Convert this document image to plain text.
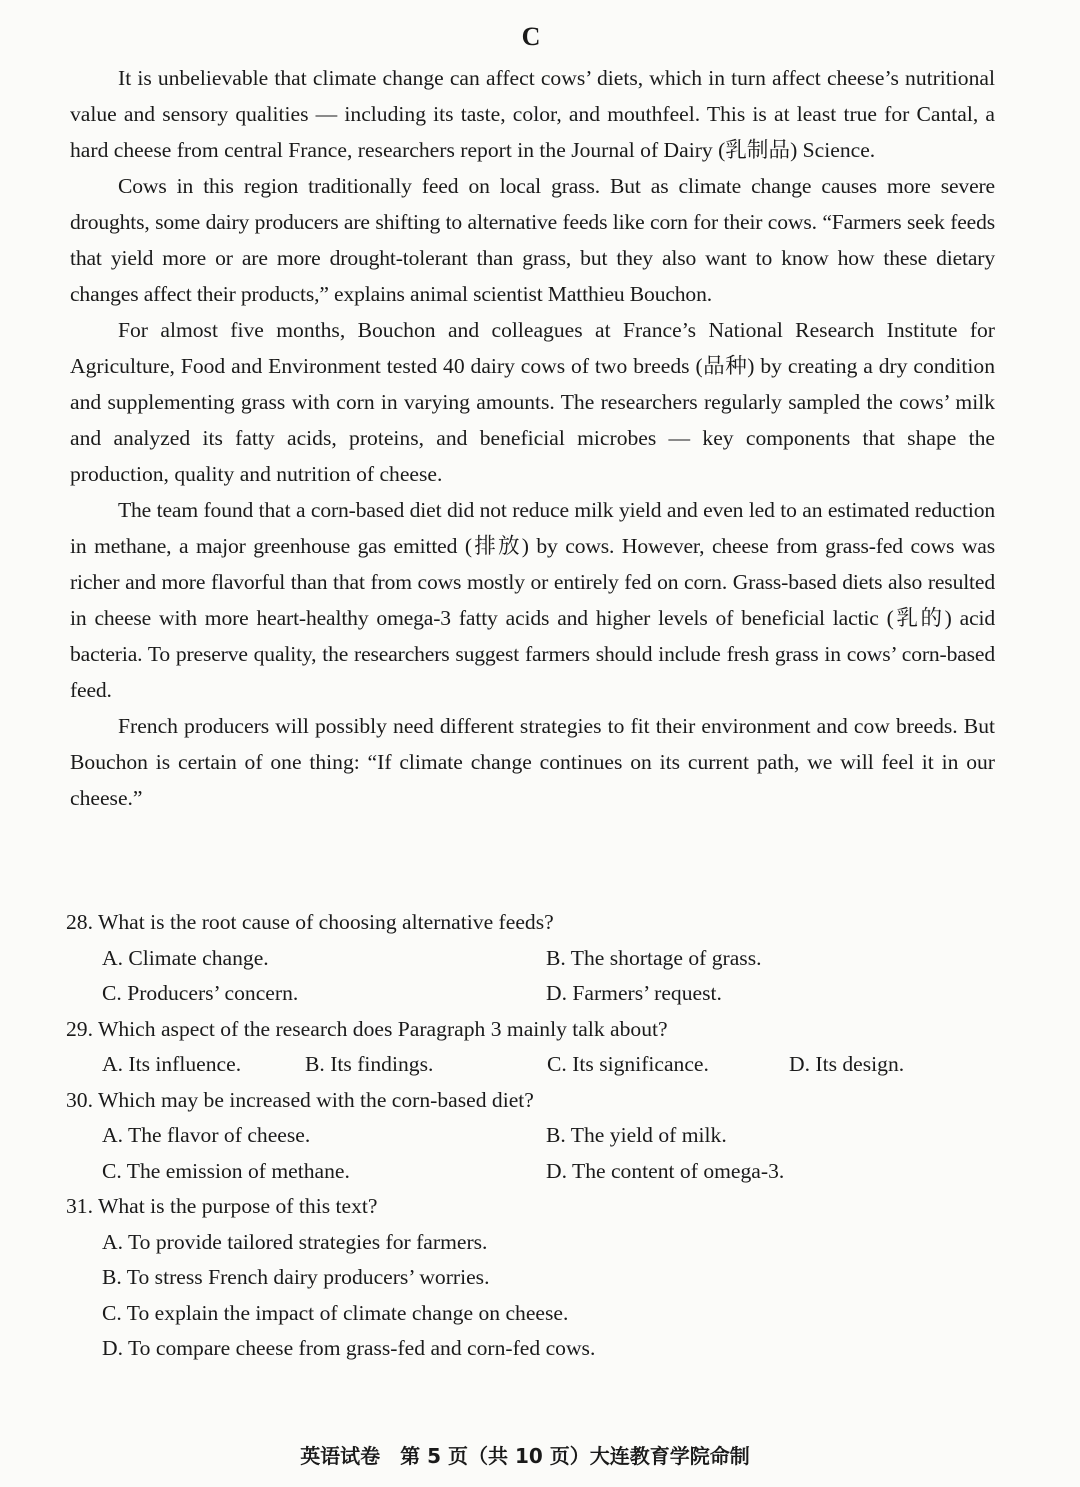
C

It is unbelievable that climate change can affect cows’ diets, which in turn affect cheese’s nutritional value and sensory qualities — including its taste, color, and mouthfeel. This is at least true for Cantal, a hard cheese from central France, researchers report in the Journal of Dairy (乳制品) Science.

Cows in this region traditionally feed on local grass. But as climate change causes more severe droughts, some dairy producers are shifting to alternative feeds like corn for their cows. “Farmers seek feeds that yield more or are more drought-tolerant than grass, but they also want to know how these dietary changes affect their products,” explains animal scientist Matthieu Bouchon.

For almost five months, Bouchon and colleagues at France’s National Research Institute for Agriculture, Food and Environment tested 40 dairy cows of two breeds (品种) by creating a dry condition and supplementing grass with corn in varying amounts. The researchers regularly sampled the cows’ milk and analyzed its fatty acids, proteins, and beneficial microbes — key components that shape the production, quality and nutrition of cheese.

The team found that a corn-based diet did not reduce milk yield and even led to an estimated reduction in methane, a major greenhouse gas emitted (排放) by cows. However, cheese from grass-fed cows was richer and more flavorful than that from cows mostly or entirely fed on corn. Grass-based diets also resulted in cheese with more heart-healthy omega-3 fatty acids and higher levels of beneficial lactic (乳的) acid bacteria. To preserve quality, the researchers suggest farmers should include fresh grass in cows’ corn-based feed.

French producers will possibly need different strategies to fit their environment and cow breeds. But Bouchon is certain of one thing: “If climate change continues on its current path, we will feel it in our cheese.”

28. What is the root cause of choosing alternative feeds?
A. Climate change.	B. The shortage of grass.
C. Producers’ concern.	D. Farmers’ request.
29. Which aspect of the research does Paragraph 3 mainly talk about?
A. Its influence.	B. Its findings.	C. Its significance.	D. Its design.
30. Which may be increased with the corn-based diet?
A. The flavor of cheese.	B. The yield of milk.
C. The emission of methane.	D. The content of omega-3.
31. What is the purpose of this text?
A. To provide tailored strategies for farmers.
B. To stress French dairy producers’ worries.
C. To explain the impact of climate change on cheese.
D. To compare cheese from grass-fed and corn-fed cows.
英语试卷　第 5 页（共 10 页）大连教育学院命制
